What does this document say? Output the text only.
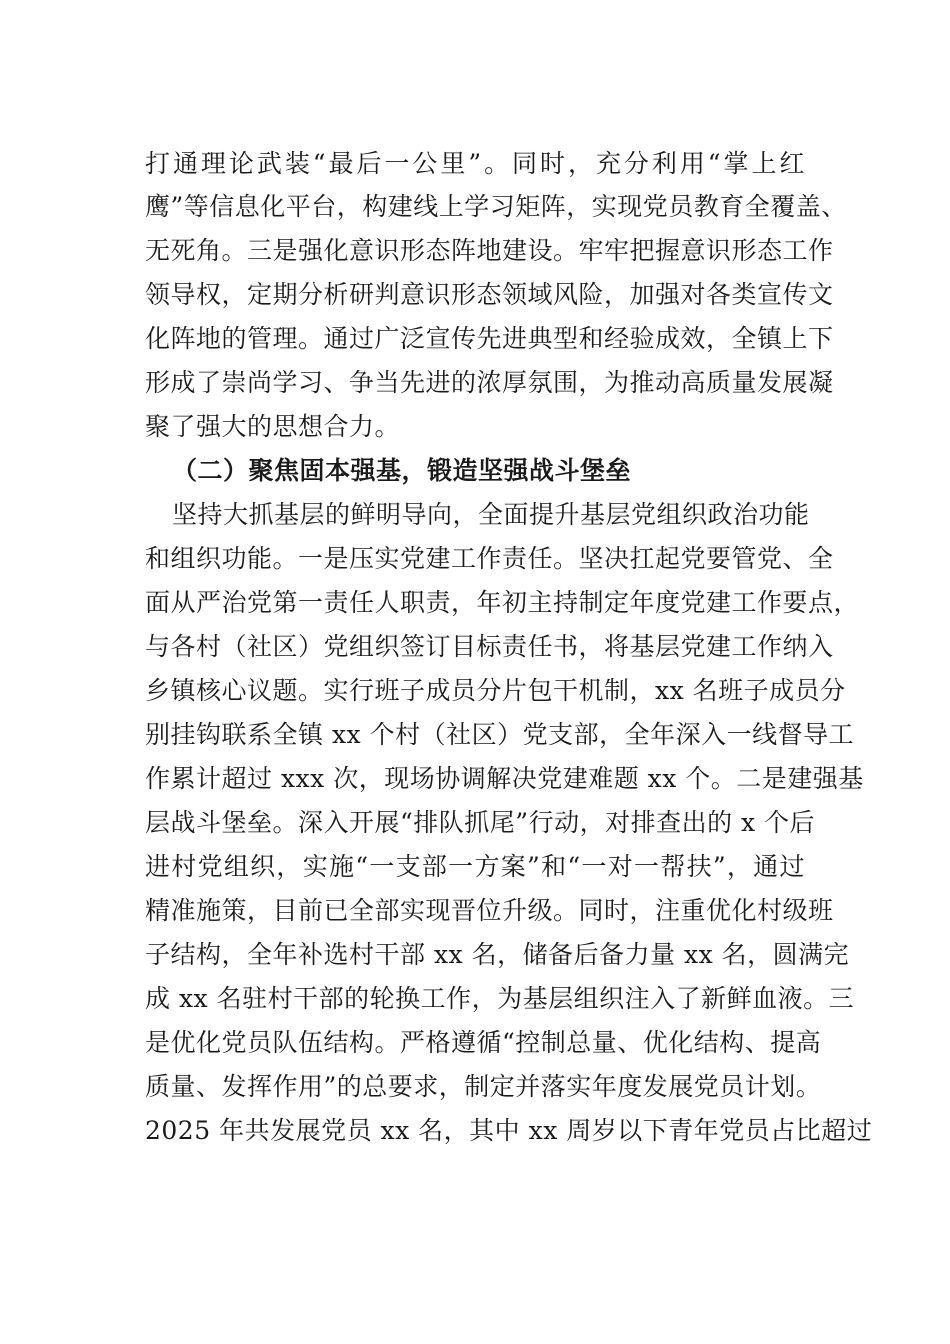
打通理论武装“最后一公里”。同时，充分利用“掌上红
鹰”等信息化平台，构建线上学习矩阵，实现党员教育全覆盖、
无死角。三是强化意识形态阵地建设。牢牢把握意识形态工作
领导权，定期分析研判意识形态领域风险，加强对各类宣传文
化阵地的管理。通过广泛宣传先进典型和经验成效，全镇上下
形成了崇尚学习、争当先进的浓厚氛围，为推动高质量发展凝
聚了强大的思想合力。
（二）聚焦固本强基，锻造坚强战斗堡垒
坚持大抓基层的鲜明导向，全面提升基层党组织政治功能
和组织功能。一是压实党建工作责任。坚决扛起党要管党、全
面从严治党第一责任人职责，年初主持制定年度党建工作要点，
与各村（社区）党组织签订目标责任书，将基层党建工作纳入
乡镇核心议题。实行班子成员分片包干机制，xx 名班子成员分
别挂钩联系全镇 xx 个村（社区）党支部，全年深入一线督导工
作累计超过 xxx 次，现场协调解决党建难题 xx 个。二是建强基
层战斗堡垒。深入开展“排队抓尾”行动，对排查出的 x 个后
进村党组织，实施“一支部一方案”和“一对一帮扶”，通过
精准施策，目前已全部实现晋位升级。同时，注重优化村级班
子结构，全年补选村干部 xx 名，储备后备力量 xx 名，圆满完
成 xx 名驻村干部的轮换工作，为基层组织注入了新鲜血液。三
是优化党员队伍结构。严格遵循“控制总量、优化结构、提高
质量、发挥作用”的总要求，制定并落实年度发展党员计划。
2025 年共发展党员 xx 名，其中 xx 周岁以下青年党员占比超过
